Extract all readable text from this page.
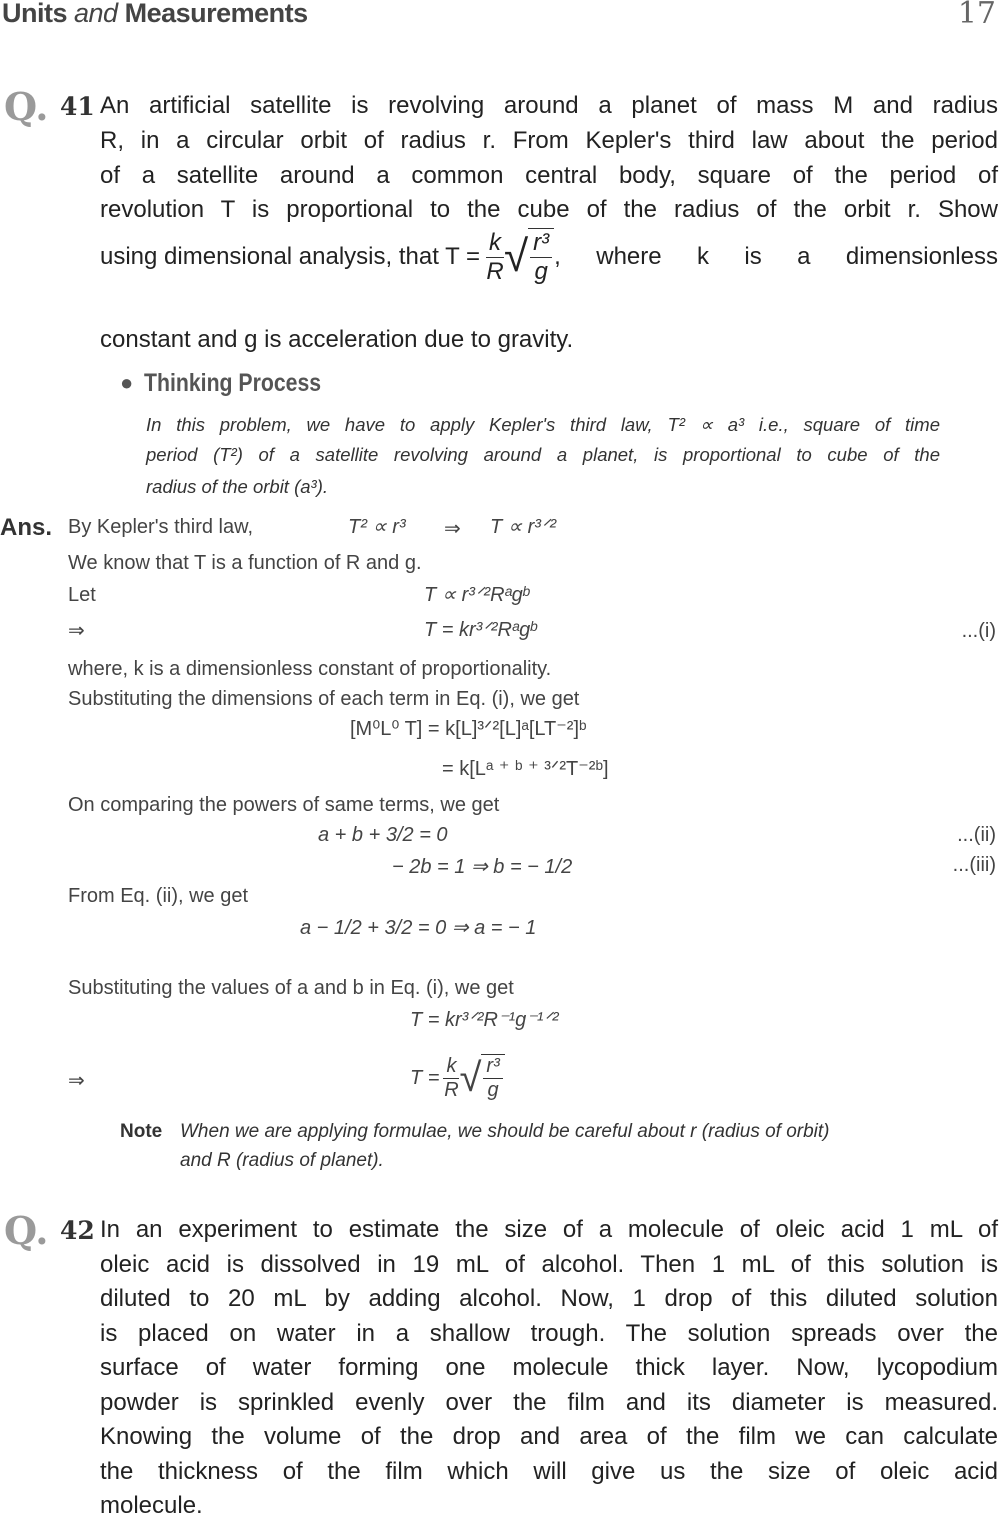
Units and Measurements	17
Q. 41 An artificial satellite is revolving around a planet of mass M and radius
R, in a circular orbit of radius r. From Kepler's third law about the period
of a satellite around a common central body, square of the period of
revolution T is proportional to the cube of the radius of the orbit r. Show
using dimensional analysis, that $T = \frac{k}{R}$ √ $\frac{\text{r³}}{g}$ , where k is a dimensionless
constant and g is acceleration due to gravity.
● Thinking Process
In this problem, we have to apply Kepler's third law, T² ∝ a³ i.e., square of time
period (T²) of a satellite revolving around a planet, is proportional to cube of the
radius of the orbit (a³).
Ans. By Kepler's third law,	T² ∝ r³ ⇒ T ∝ r³ᐟ²
We know that T is a function of R and g.
Let	T ∝ r³ᐟ²Rᵃgᵇ
⇒	T = kr³ᐟ²Rᵃgᵇ	...(i)
where, k is a dimensionless constant of proportionality.
Substituting the dimensions of each term in Eq. (i), we get
[M⁰L⁰ T] = k[L]³ᐟ²[L]ᵃ[LT⁻²]ᵇ
= k[Lᵃ ⁺ ᵇ ⁺ ³ᐟ²T⁻²ᵇ]
On comparing the powers of same terms, we get
a + b + 3/2 = 0	...(ii)
− 2b = 1 ⇒ b = − 1/2	...(iii)
From Eq. (ii), we get
a − 1/2 + 3/2 = 0 ⇒ a = − 1
Substituting the values of a and b in Eq. (i), we get
T = kr³ᐟ²R⁻¹g⁻¹ᐟ²
⇒	$T = \frac{k}{R}$ √ $\frac{\text{r³}}{g}$
Note When we are applying formulae, we should be careful about r (radius of orbit)
and R (radius of planet).
Q. 42 In an experiment to estimate the size of a molecule of oleic acid 1 mL of
oleic acid is dissolved in 19 mL of alcohol. Then 1 mL of this solution is
diluted to 20 mL by adding alcohol. Now, 1 drop of this diluted solution
is placed on water in a shallow trough. The solution spreads over the
surface of water forming one molecule thick layer. Now, lycopodium
powder is sprinkled evenly over the film and its diameter is measured.
Knowing the volume of the drop and area of the film we can calculate
the thickness of the film which will give us the size of oleic acid
molecule.
